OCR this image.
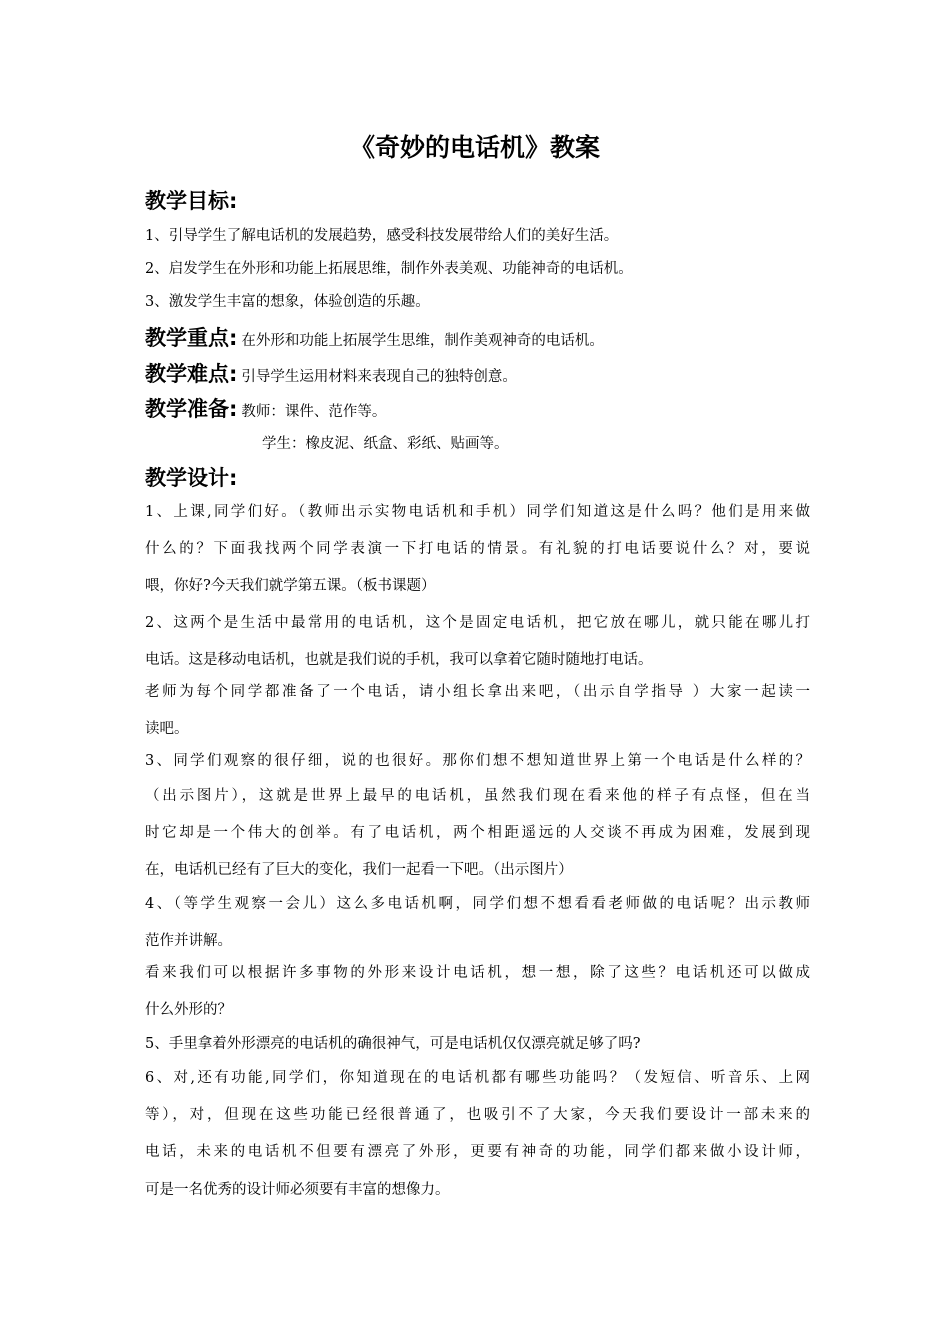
《奇妙的电话机》教案
教学目标:
1、引导学生了解电话机的发展趋势，感受科技发展带给人们的美好生活。
2、启发学生在外形和功能上拓展思维，制作外表美观、功能神奇的电话机。
3、激发学生丰富的想象，体验创造的乐趣。
教学重点: 在外形和功能上拓展学生思维，制作美观神奇的电话机。
教学难点: 引导学生运用材料来表现自己的独特创意。
教学准备: 教师：课件、范作等。
学生：橡皮泥、纸盒、彩纸、贴画等。
教学设计:
1、上课,同学们好。（教师出示实物电话机和手机）同学们知道这是什么吗？他们是用来做
什么的？下面我找两个同学表演一下打电话的情景。有礼貌的打电话要说什么？对，要说
喂，你好?今天我们就学第五课。（板书课题）
2、这两个是生活中最常用的电话机，这个是固定电话机，把它放在哪儿，就只能在哪儿打
电话。这是移动电话机，也就是我们说的手机，我可以拿着它随时随地打电话。
老师为每个同学都准备了一个电话，请小组长拿出来吧，（出示自学指导 ）大家一起读一
读吧。
3、同学们观察的很仔细，说的也很好。那你们想不想知道世界上第一个电话是什么样的？
（出示图片），这就是世界上最早的电话机，虽然我们现在看来他的样子有点怪，但在当
时它却是一个伟大的创举。有了电话机，两个相距遥远的人交谈不再成为困难，发展到现
在，电话机已经有了巨大的变化，我们一起看一下吧。（出示图片）
4、（等学生观察一会儿）这么多电话机啊，同学们想不想看看老师做的电话呢？出示教师
范作并讲解。
看来我们可以根据许多事物的外形来设计电话机，想一想，除了这些？电话机还可以做成
什么外形的？
5、手里拿着外形漂亮的电话机的确很神气，可是电话机仅仅漂亮就足够了吗?
6、对,还有功能,同学们，你知道现在的电话机都有哪些功能吗？（发短信、听音乐、上网
等），对，但现在这些功能已经很普通了，也吸引不了大家，今天我们要设计一部未来的
电话，未来的电话机不但要有漂亮了外形，更要有神奇的功能，同学们都来做小设计师，
可是一名优秀的设计师必须要有丰富的想像力。
